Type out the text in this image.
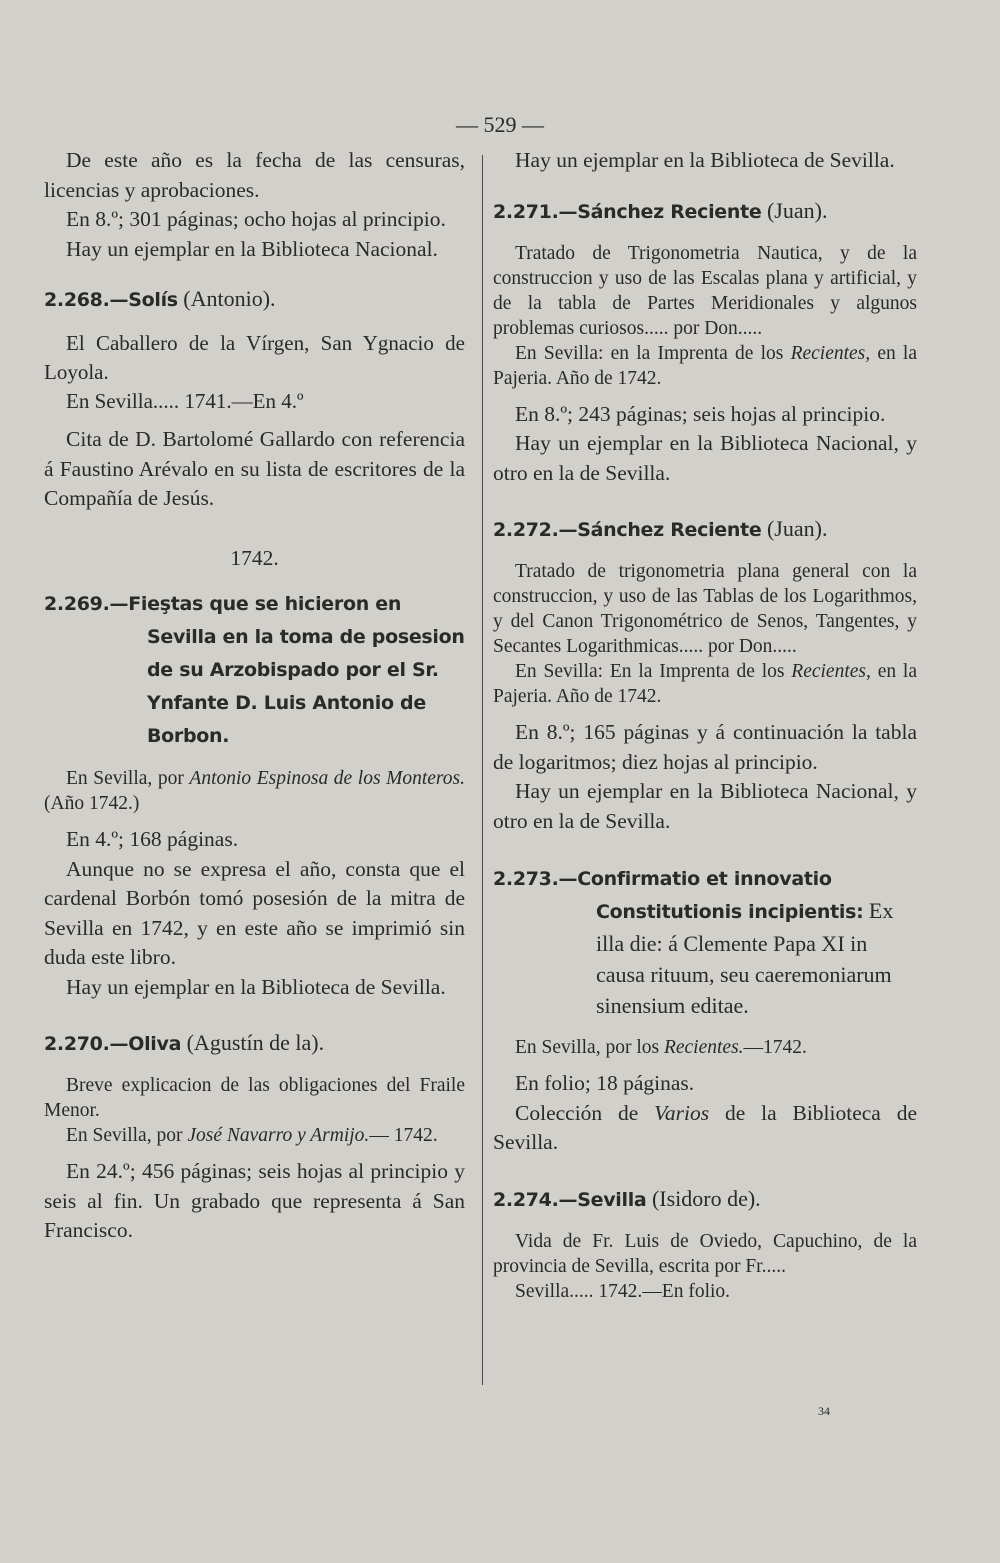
— 529 —

De este año es la fecha de las censuras, licencias y aprobaciones.

En 8.º; 301 páginas; ocho hojas al principio.

Hay un ejemplar en la Biblioteca Nacional.

2.268.—Solís (Antonio).

El Caballero de la Vírgen, San Ygnacio de Loyola.

En Sevilla..... 1741.—En 4.º

Cita de D. Bartolomé Gallardo con referencia á Faustino Arévalo en su lista de escritores de la Compañía de Jesús.

1742.
2.269.—Fieştas que se hicieron en Sevilla en la toma de posesion de su Arzobispado por el Sr. Ynfante D. Luis Antonio de Borbon.

En Sevilla, por Antonio Espinosa de los Monteros. (Año 1742.)

En 4.º; 168 páginas.

Aunque no se expresa el año, consta que el cardenal Borbón tomó posesión de la mitra de Sevilla en 1742, y en este año se imprimió sin duda este libro.

Hay un ejemplar en la Biblioteca de Sevilla.

2.270.—Oliva (Agustín de la).

Breve explicacion de las obligaciones del Fraile Menor.

En Sevilla, por José Navarro y Armijo.— 1742.

En 24.º; 456 páginas; seis hojas al principio y seis al fin. Un grabado que representa á San Francisco.

Hay un ejemplar en la Biblioteca de Sevilla.

2.271.—Sánchez Reciente (Juan).

Tratado de Trigonometria Nautica, y de la construccion y uso de las Escalas plana y artificial, y de la tabla de Partes Meridionales y algunos problemas curiosos..... por Don.....

En Sevilla: en la Imprenta de los Recientes, en la Pajeria. Año de 1742.

En 8.º; 243 páginas; seis hojas al principio.

Hay un ejemplar en la Biblioteca Nacional, y otro en la de Sevilla.

2.272.—Sánchez Reciente (Juan).

Tratado de trigonometria plana general con la construccion, y uso de las Tablas de los Logarithmos, y del Canon Trigonométrico de Senos, Tangentes, y Secantes Logarithmicas..... por Don.....

En Sevilla: En la Imprenta de los Recientes, en la Pajeria. Año de 1742.

En 8.º; 165 páginas y á continuación la tabla de logaritmos; diez hojas al principio.

Hay un ejemplar en la Biblioteca Nacional, y otro en la de Sevilla.

2.273.—Confirmatio et innovatio Constitutionis incipientis: Ex illa die: á Clemente Papa XI in causa rituum, seu caeremoniarum sinensium editae.

En Sevilla, por los Recientes.—1742.

En folio; 18 páginas.

Colección de Varios de la Biblioteca de Sevilla.

2.274.—Sevilla (Isidoro de).

Vida de Fr. Luis de Oviedo, Capuchino, de la provincia de Sevilla, escrita por Fr.....

Sevilla..... 1742.—En folio.

34
